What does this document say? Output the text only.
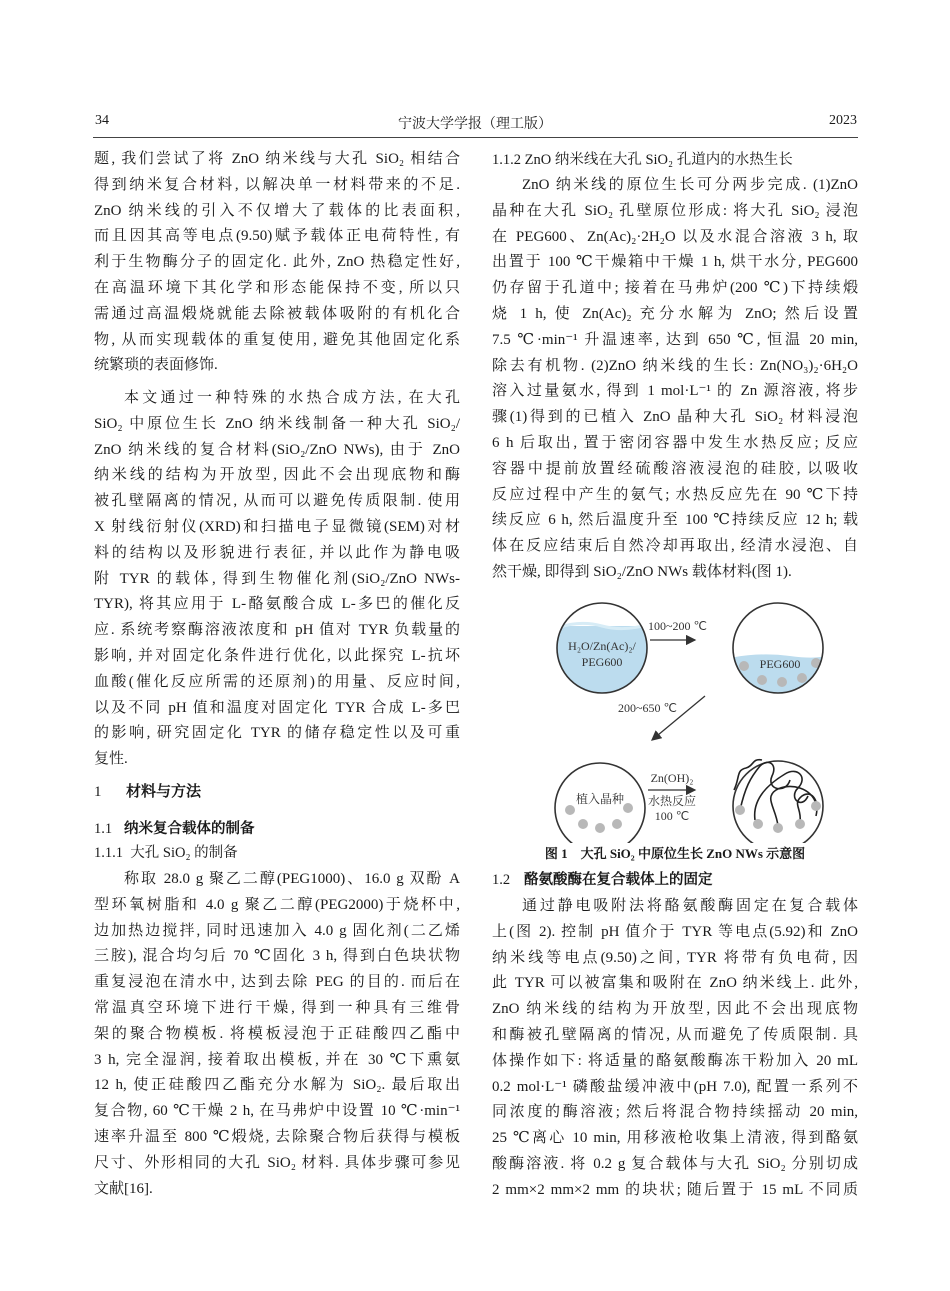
34	宁波大学学报（理工版）	2023
题, 我们尝试了将 ZnO 纳米线与大孔 SiO₂ 相结合
得到纳米复合材料, 以解决单一材料带来的不足.
ZnO 纳米线的引入不仅增大了载体的比表面积,
而且因其高等电点(9.50)赋予载体正电荷特性, 有
利于生物酶分子的固定化. 此外, ZnO 热稳定性好,
在高温环境下其化学和形态能保持不变, 所以只
需通过高温煅烧就能去除被载体吸附的有机化合
物, 从而实现载体的重复使用, 避免其他固定化系
统繁琐的表面修饰.
本文通过一种特殊的水热合成方法, 在大孔
SiO₂ 中原位生长 ZnO 纳米线制备一种大孔 SiO₂/
ZnO 纳米线的复合材料(SiO₂/ZnO NWs), 由于 ZnO
纳米线的结构为开放型, 因此不会出现底物和酶
被孔壁隔离的情况, 从而可以避免传质限制. 使用
X 射线衍射仪(XRD)和扫描电子显微镜(SEM)对材
料的结构以及形貌进行表征, 并以此作为静电吸
附 TYR 的载体, 得到生物催化剂(SiO₂/ZnO NWs-
TYR), 将其应用于 L-酪氨酸合成 L-多巴的催化反
应. 系统考察酶溶液浓度和 pH 值对 TYR 负载量的
影响, 并对固定化条件进行优化, 以此探究 L-抗坏
血酸(催化反应所需的还原剂)的用量、反应时间,
以及不同 pH 值和温度对固定化 TYR 合成 L-多巴
的影响, 研究固定化 TYR 的储存稳定性以及可重
复性.
1 材料与方法
1.1 纳米复合载体的制备
1.1.1 大孔 SiO₂ 的制备
称取 28.0 g 聚乙二醇(PEG1000)、16.0 g 双酚 A
型环氧树脂和 4.0 g 聚乙二醇(PEG2000)于烧杯中,
边加热边搅拌, 同时迅速加入 4.0 g 固化剂(二乙烯
三胺), 混合均匀后 70 ℃固化 3 h, 得到白色块状物
重复浸泡在清水中, 达到去除 PEG 的目的. 而后在
常温真空环境下进行干燥, 得到一种具有三维骨
架的聚合物模板. 将模板浸泡于正硅酸四乙酯中
3 h, 完全湿润, 接着取出模板, 并在 30 ℃下熏氨
12 h, 使正硅酸四乙酯充分水解为 SiO₂. 最后取出
复合物, 60 ℃干燥 2 h, 在马弗炉中设置 10 ℃·min⁻¹
速率升温至 800 ℃煅烧, 去除聚合物后获得与模板
尺寸、外形相同的大孔 SiO₂ 材料. 具体步骤可参见
文献[16].
1.1.2 ZnO 纳米线在大孔 SiO₂ 孔道内的水热生长
ZnO 纳米线的原位生长可分两步完成. (1)ZnO
晶种在大孔 SiO₂ 孔壁原位形成: 将大孔 SiO₂ 浸泡
在 PEG600、Zn(Ac)₂·2H₂O 以及水混合溶液 3 h, 取
出置于 100 ℃干燥箱中干燥 1 h, 烘干水分, PEG600
仍存留于孔道中; 接着在马弗炉(200 ℃)下持续煅
烧 1 h, 使 Zn(Ac)₂ 充分水解为 ZnO; 然后设置
7.5 ℃·min⁻¹ 升温速率, 达到 650 ℃, 恒温 20 min,
除去有机物. (2)ZnO 纳米线的生长: Zn(NO₃)₂·6H₂O
溶入过量氨水, 得到 1 mol·L⁻¹ 的 Zn 源溶液, 将步
骤(1)得到的已植入 ZnO 晶种大孔 SiO₂ 材料浸泡
6 h 后取出, 置于密闭容器中发生水热反应; 反应
容器中提前放置经硫酸溶液浸泡的硅胶, 以吸收
反应过程中产生的氨气; 水热反应先在 90 ℃下持
续反应 6 h, 然后温度升至 100 ℃持续反应 12 h; 载
体在反应结束后自然冷却再取出, 经清水浸泡、自
然干燥, 即得到 SiO₂/ZnO NWs 载体材料(图 1).
H₂O/Zn(Ac)₂/
PEG600
100~200 ℃
PEG600
200~650 ℃
植入晶种
Zn(OH)₂
水热反应
100 ℃
图 1　大孔 SiO₂ 中原位生长 ZnO NWs 示意图
1.2 酪氨酸酶在复合载体上的固定
通过静电吸附法将酪氨酸酶固定在复合载体
上(图 2). 控制 pH 值介于 TYR 等电点(5.92)和 ZnO
纳米线等电点(9.50)之间, TYR 将带有负电荷, 因
此 TYR 可以被富集和吸附在 ZnO 纳米线上. 此外,
ZnO 纳米线的结构为开放型, 因此不会出现底物
和酶被孔壁隔离的情况, 从而避免了传质限制. 具
体操作如下: 将适量的酪氨酸酶冻干粉加入 20 mL
0.2 mol·L⁻¹ 磷酸盐缓冲液中(pH 7.0), 配置一系列不
同浓度的酶溶液; 然后将混合物持续摇动 20 min,
25 ℃离心 10 min, 用移液枪收集上清液, 得到酪氨
酸酶溶液. 将 0.2 g 复合载体与大孔 SiO₂ 分别切成
2 mm×2 mm×2 mm 的块状; 随后置于 15 mL 不同质
